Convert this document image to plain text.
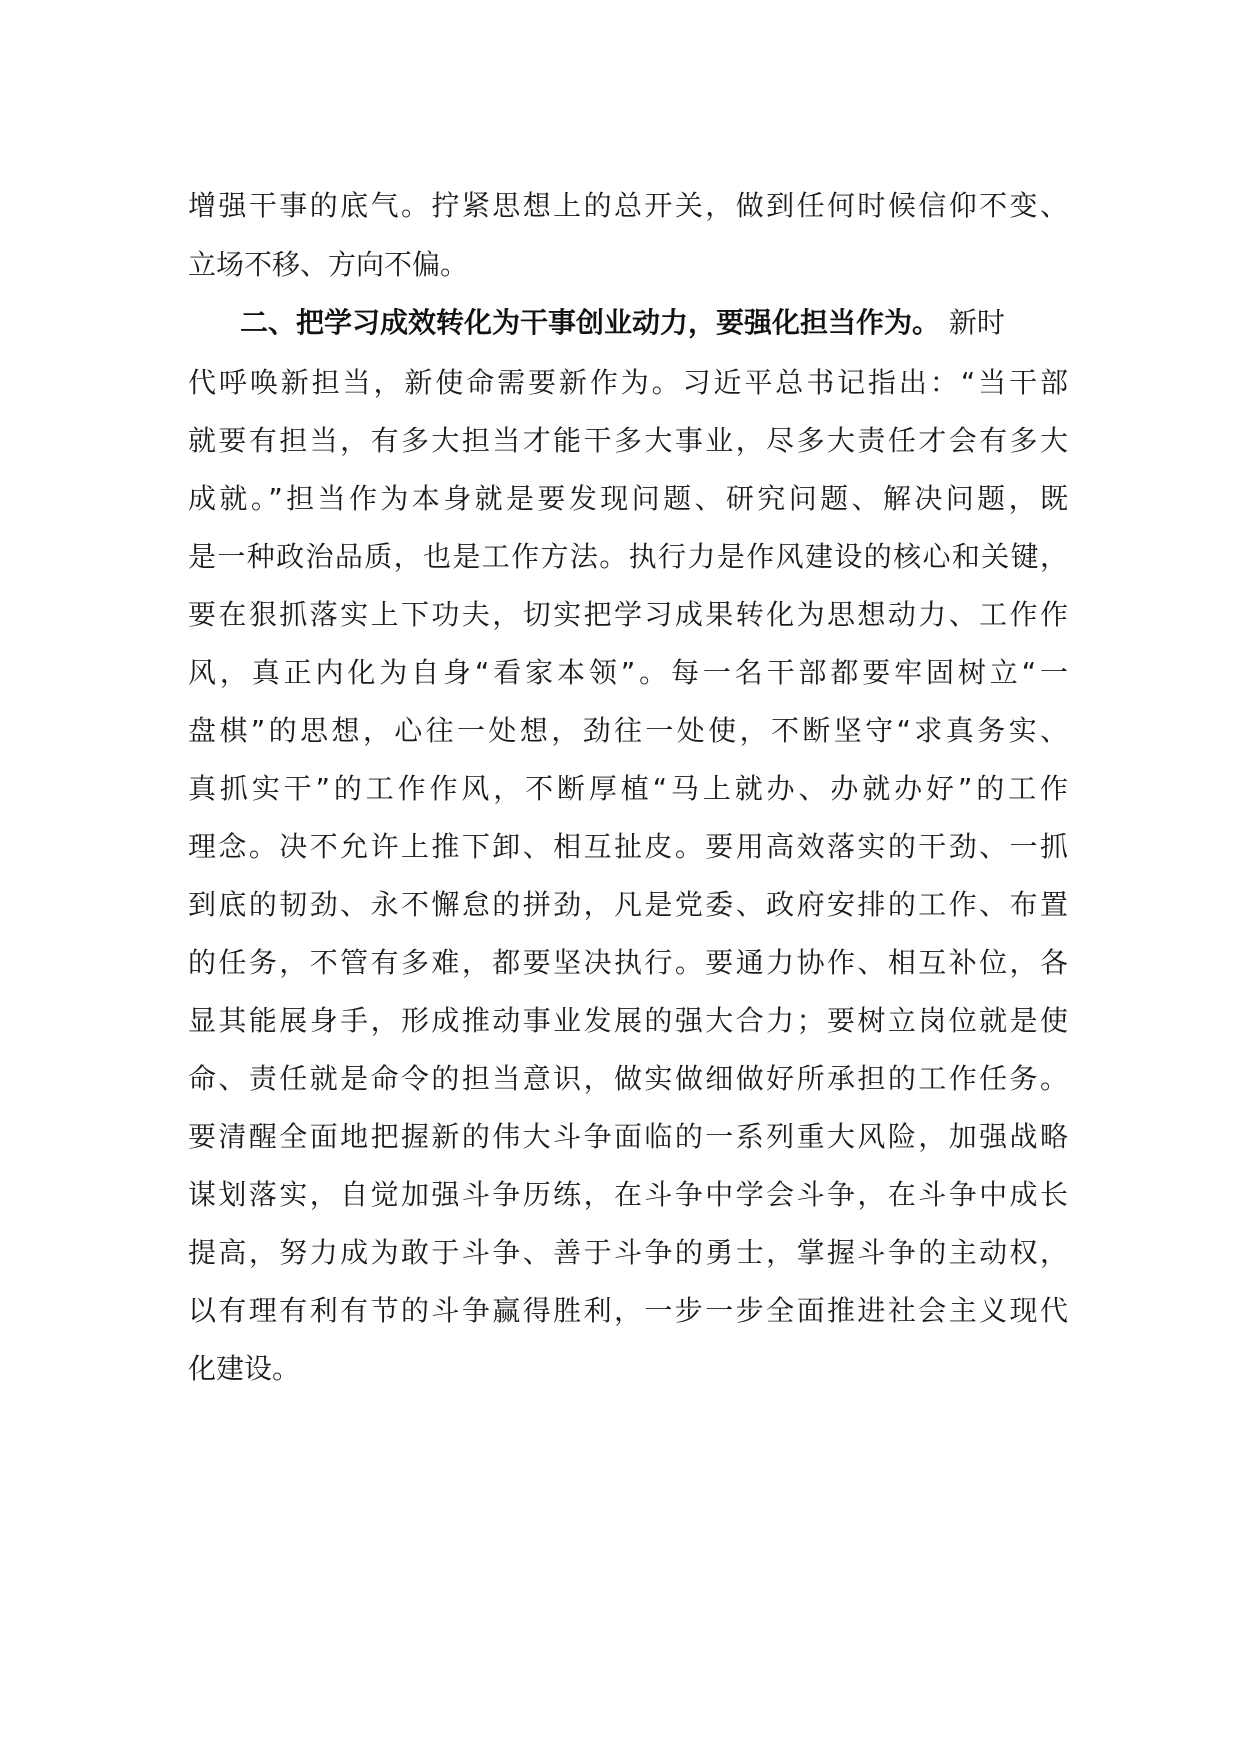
增强干事的底气。拧紧思想上的总开关，做到任何时候信仰不变、
立场不移、方向不偏。
二、把学习成效转化为干事创业动力，要强化担当作为。 新时
代呼唤新担当，新使命需要新作为。习近平总书记指出：“当干部
就要有担当，有多大担当才能干多大事业，尽多大责任才会有多大
成就。”担当作为本身就是要发现问题、研究问题、解决问题，既
是一种政治品质，也是工作方法。执行力是作风建设的核心和关键，
要在狠抓落实上下功夫，切实把学习成果转化为思想动力、工作作
风，真正内化为自身“看家本领”。每一名干部都要牢固树立“一
盘棋”的思想，心往一处想，劲往一处使，不断坚守“求真务实、
真抓实干”的工作作风，不断厚植“马上就办、办就办好”的工作
理念。决不允许上推下卸、相互扯皮。要用高效落实的干劲、一抓
到底的韧劲、永不懈怠的拼劲，凡是党委、政府安排的工作、布置
的任务，不管有多难，都要坚决执行。要通力协作、相互补位，各
显其能展身手，形成推动事业发展的强大合力；要树立岗位就是使
命、责任就是命令的担当意识，做实做细做好所承担的工作任务。
要清醒全面地把握新的伟大斗争面临的一系列重大风险，加强战略
谋划落实，自觉加强斗争历练，在斗争中学会斗争，在斗争中成长
提高，努力成为敢于斗争、善于斗争的勇士，掌握斗争的主动权，
以有理有利有节的斗争赢得胜利，一步一步全面推进社会主义现代
化建设。
